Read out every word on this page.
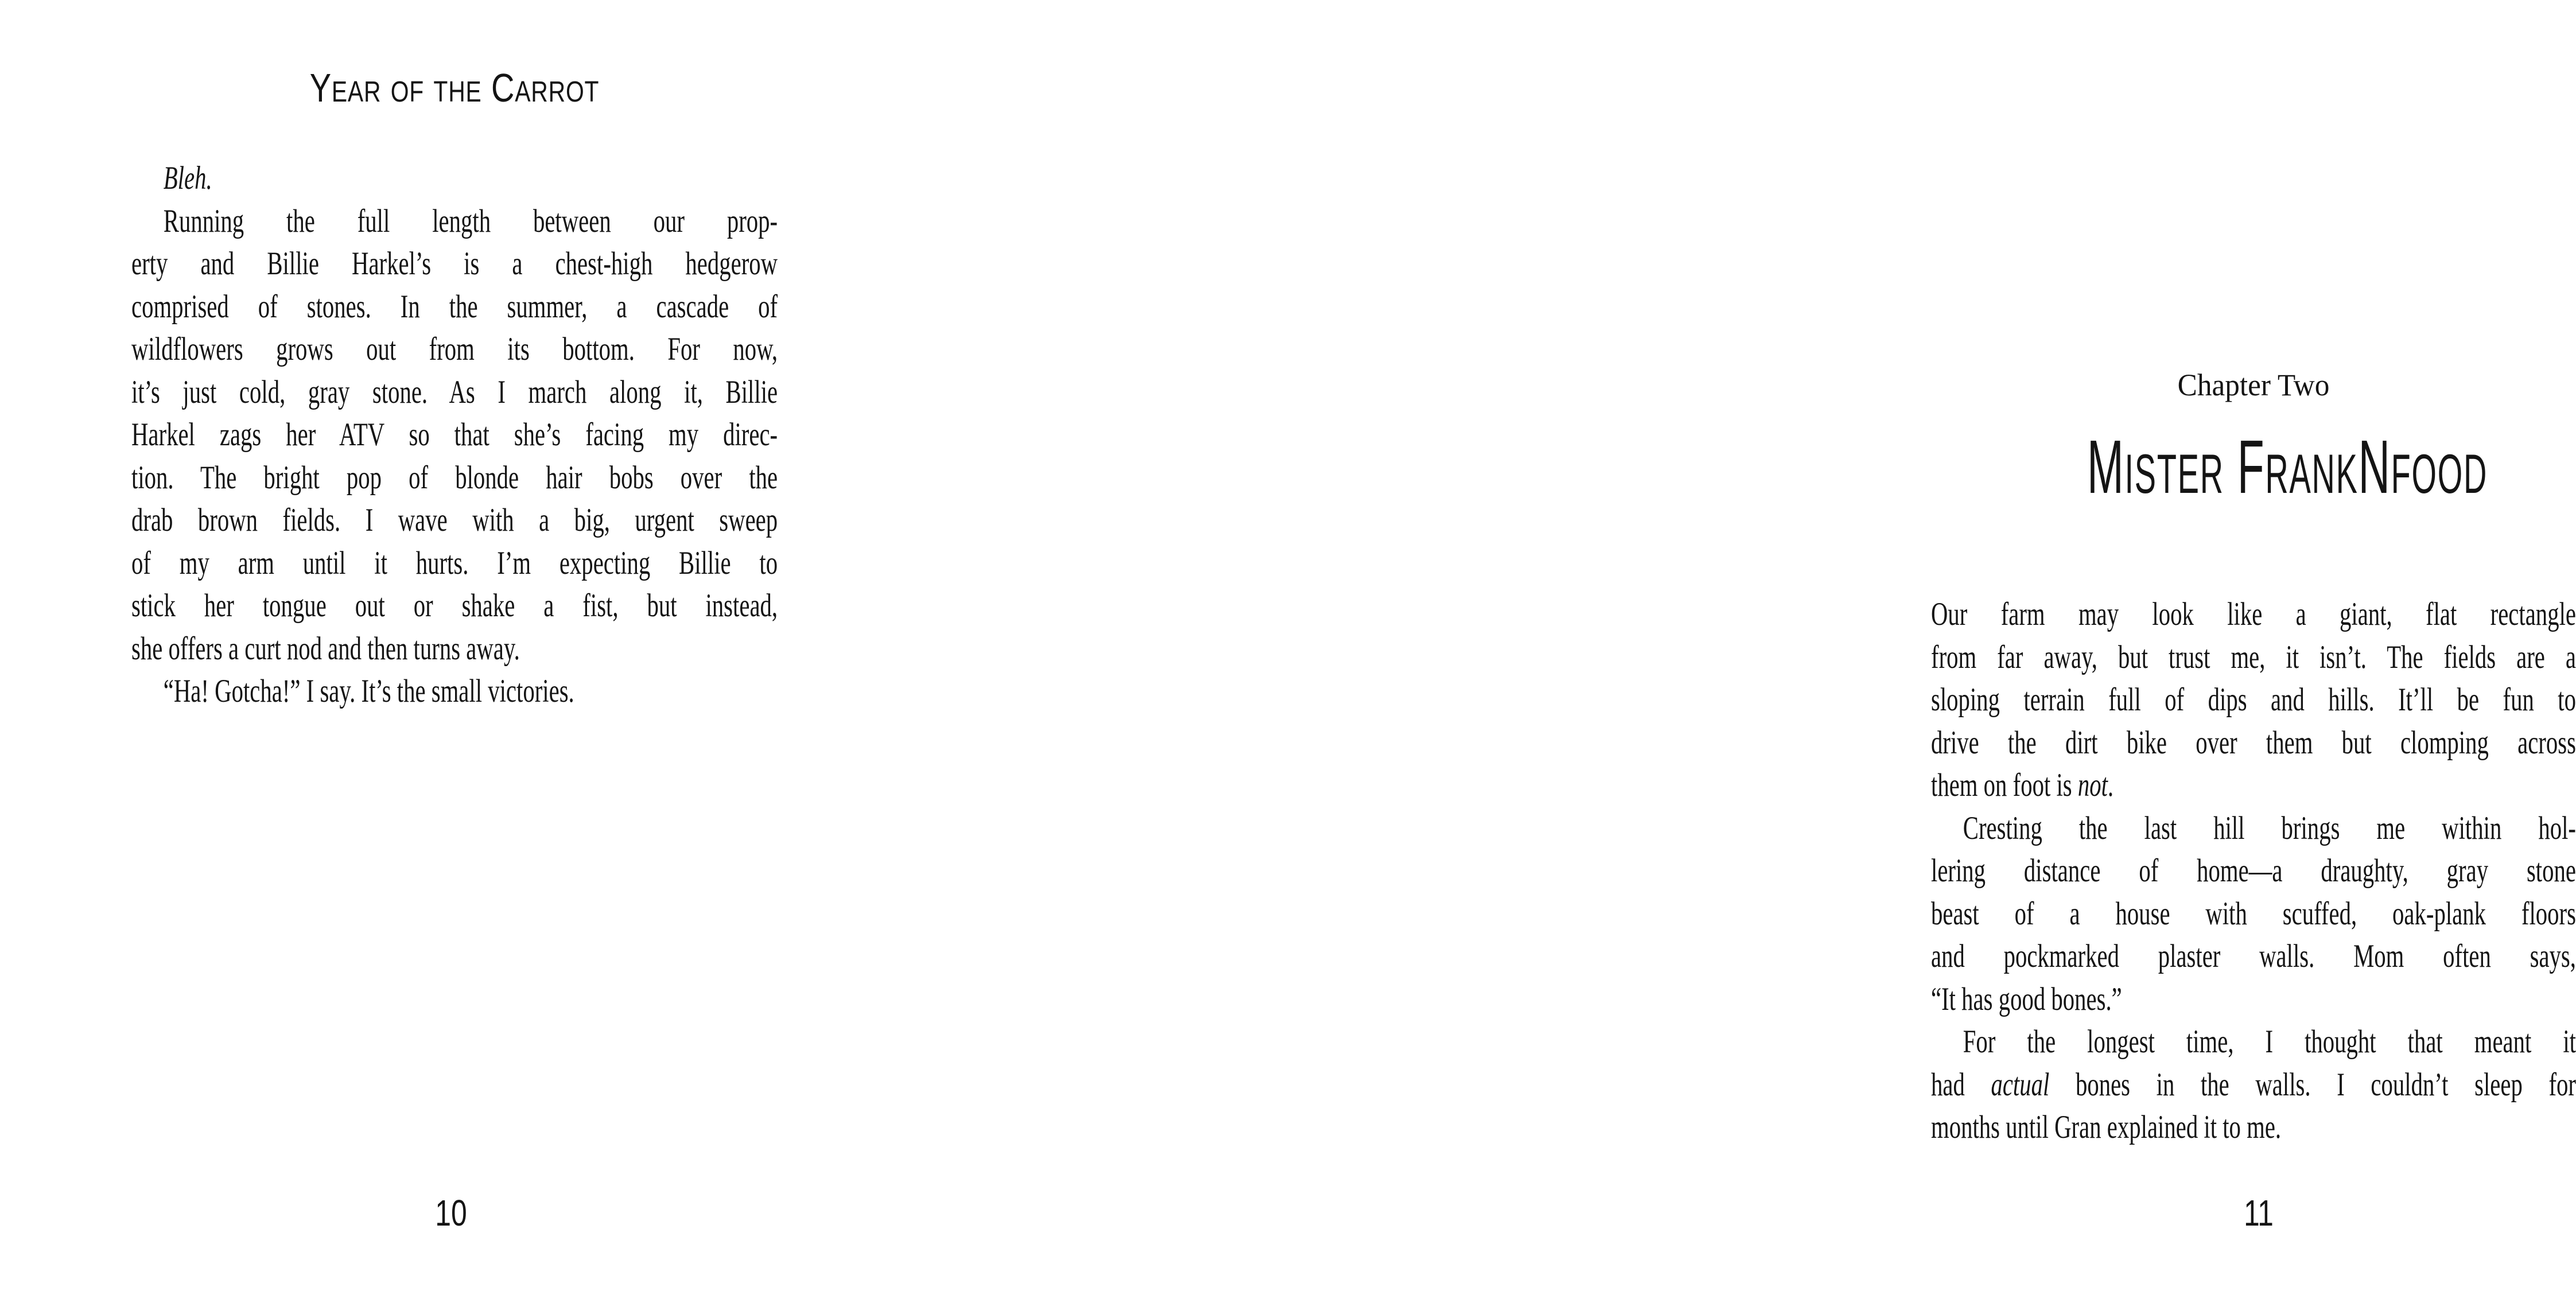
YEAR OF THE CARROT
Bleh.
Running the full length between our prop-
erty and Billie Harkel’s is a chest-high hedgerow
comprised of stones. In the summer, a cascade of
wildflowers grows out from its bottom. For now,
it’s just cold, gray stone. As I march along it, Billie
Harkel zags her ATV so that she’s facing my direc-
tion. The bright pop of blonde hair bobs over the
drab brown fields. I wave with a big, urgent sweep
of my arm until it hurts. I’m expecting Billie to
stick her tongue out or shake a fist, but instead,
she offers a curt nod and then turns away.
“Ha! Gotcha!” I say. It’s the small victories.
10
Chapter Two
MISTER FRANKNFOOD
Our farm may look like a giant, flat rectangle
from far away, but trust me, it isn’t. The fields are a
sloping terrain full of dips and hills. It’ll be fun to
drive the dirt bike over them but clomping across
them on foot is not.
Cresting the last hill brings me within hol-
lering distance of home—a draughty, gray stone
beast of a house with scuffed, oak-plank floors
and pockmarked plaster walls. Mom often says,
“It has good bones.”
For the longest time, I thought that meant it
had actual bones in the walls. I couldn’t sleep for
months until Gran explained it to me.
11
